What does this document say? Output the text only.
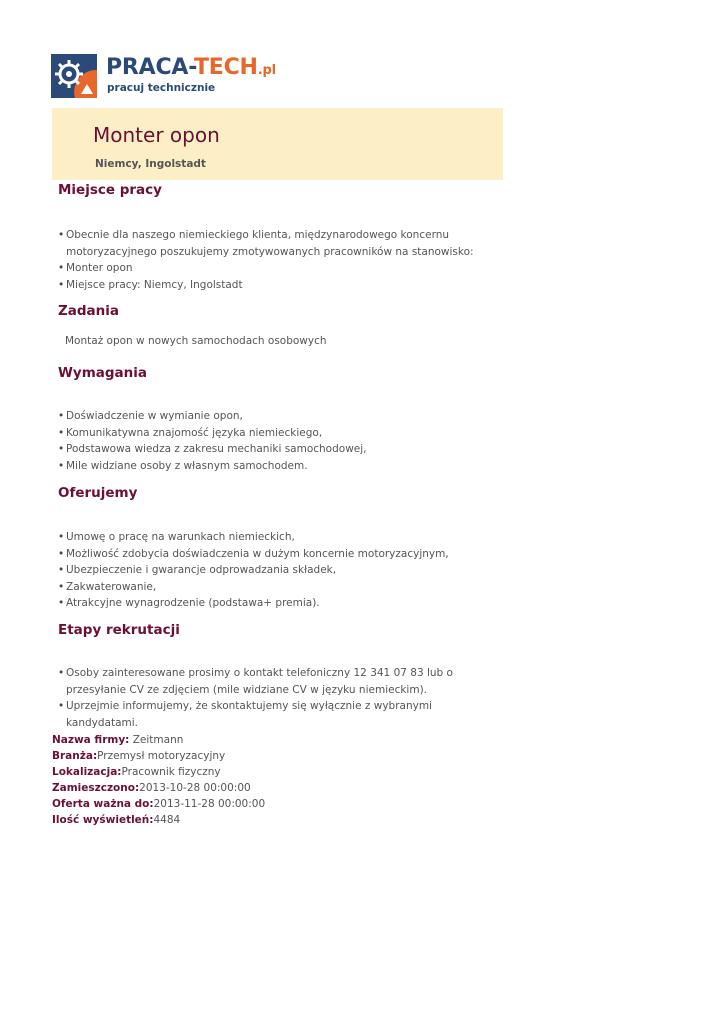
PRACA-TECH.pl
pracuj technicznie
Monter opon
Niemcy, Ingolstadt
Miejsce pracy
• Obecnie dla naszego niemieckiego klienta, międzynarodowego koncernu motoryzacyjnego poszukujemy zmotywowanych pracowników na stanowisko:
• Monter opon
• Miejsce pracy: Niemcy, Ingolstadt
Zadania
Montaż opon w nowych samochodach osobowych
Wymagania
• Doświadczenie w wymianie opon,
• Komunikatywna znajomość języka niemieckiego,
• Podstawowa wiedza z zakresu mechaniki samochodowej,
• Mile widziane osoby z własnym samochodem.
Oferujemy
• Umowę o pracę na warunkach niemieckich,
• Możliwość zdobycia doświadczenia w dużym koncernie motoryzacyjnym,
• Ubezpieczenie i gwarancje odprowadzania składek,
• Zakwaterowanie,
• Atrakcyjne wynagrodzenie (podstawa+ premia).
Etapy rekrutacji
• Osoby zainteresowane prosimy o kontakt telefoniczny 12 341 07 83 lub o przesyłanie CV ze zdjęciem (mile widziane CV w języku niemieckim).
• Uprzejmie informujemy, że skontaktujemy się wyłącznie z wybranymi kandydatami.
Nazwa firmy: Zeitmann
Branża:Przemysł motoryzacyjny
Lokalizacja:Pracownik fizyczny
Zamieszczono:2013-10-28 00:00:00
Oferta ważna do:2013-11-28 00:00:00
Ilość wyświetleń:4484
